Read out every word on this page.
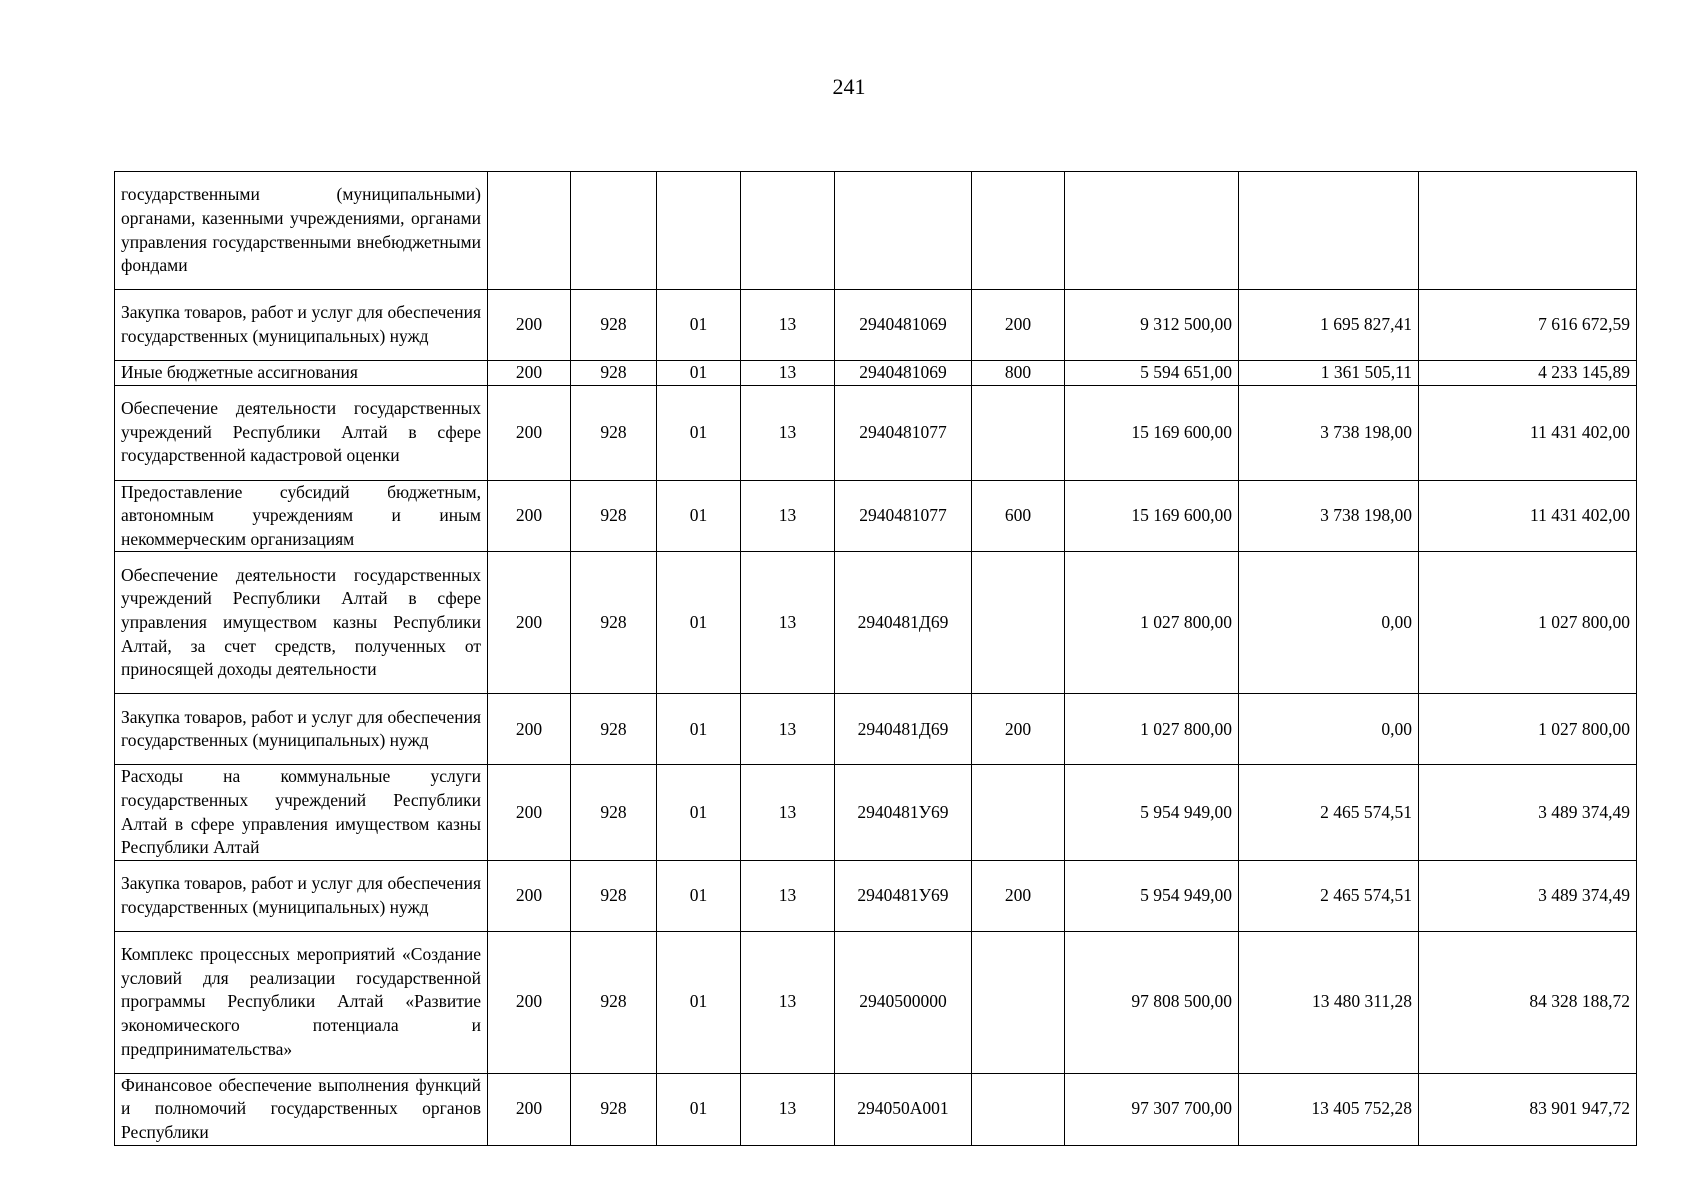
241
государственными (муниципальными) органами, казенными учреждениями, органами управления государственными внебюджетными фондами									
Закупка товаров, работ и услуг для обеспечения государственных (муниципальных) нужд	200	928	01	13	2940481069	200	9 312 500,00	1 695 827,41	7 616 672,59
Иные бюджетные ассигнования	200	928	01	13	2940481069	800	5 594 651,00	1 361 505,11	4 233 145,89
Обеспечение деятельности государственных учреждений Республики Алтай в сфере государственной кадастровой оценки	200	928	01	13	2940481077		15 169 600,00	3 738 198,00	11 431 402,00
Предоставление субсидий бюджетным, автономным учреждениям и иным некоммерческим организациям	200	928	01	13	2940481077	600	15 169 600,00	3 738 198,00	11 431 402,00
Обеспечение деятельности государственных учреждений Республики Алтай в сфере управления имуществом казны Республики Алтай, за счет средств, полученных от приносящей доходы деятельности	200	928	01	13	2940481Д69		1 027 800,00	0,00	1 027 800,00
Закупка товаров, работ и услуг для обеспечения государственных (муниципальных) нужд	200	928	01	13	2940481Д69	200	1 027 800,00	0,00	1 027 800,00
Расходы на коммунальные услуги государственных учреждений Республики Алтай в сфере управления имуществом казны Республики Алтай	200	928	01	13	2940481У69		5 954 949,00	2 465 574,51	3 489 374,49
Закупка товаров, работ и услуг для обеспечения государственных (муниципальных) нужд	200	928	01	13	2940481У69	200	5 954 949,00	2 465 574,51	3 489 374,49
Комплекс процессных мероприятий «Создание условий для реализации государственной программы Республики Алтай «Развитие экономического потенциала и предпринимательства»	200	928	01	13	2940500000		97 808 500,00	13 480 311,28	84 328 188,72
Финансовое обеспечение выполнения функций и полномочий государственных органов Республики	200	928	01	13	294050А001		97 307 700,00	13 405 752,28	83 901 947,72
